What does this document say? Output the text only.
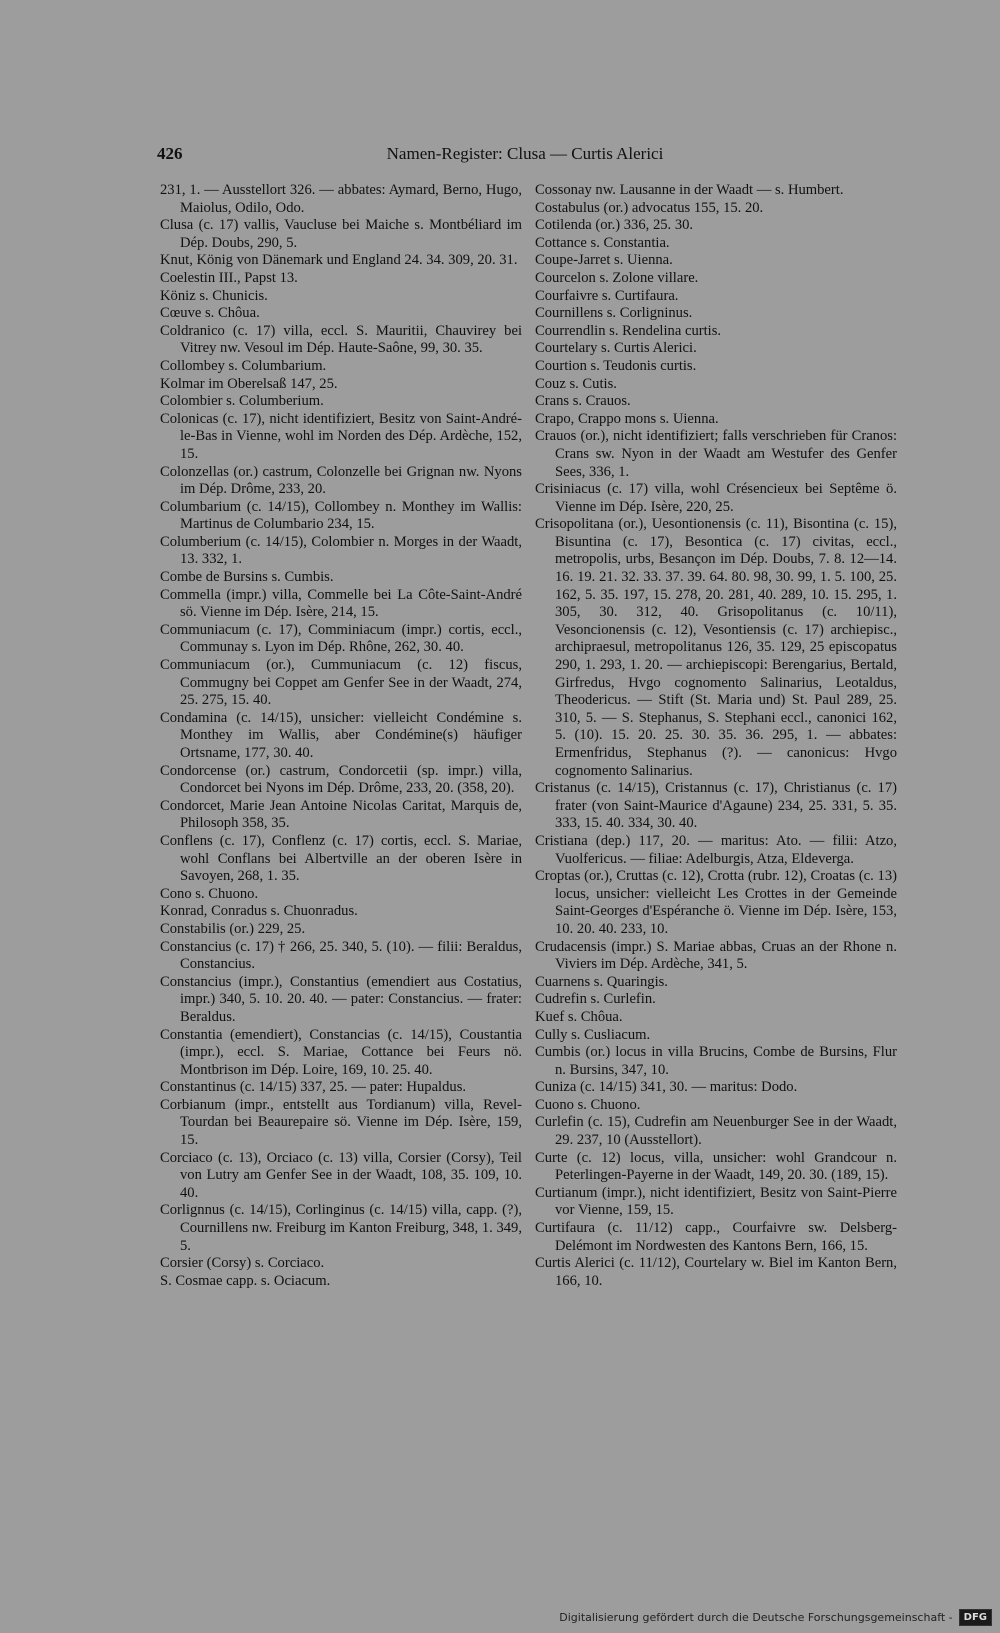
426	Namen-Register: Clusa — Curtis Alerici

231, 1. — Ausstellort 326. — abbates: Aymard, Berno, Hugo, Maiolus, Odilo, Odo.

Clusa (c. 17) vallis, Vaucluse bei Maiche s. Montbéliard im Dép. Doubs, 290, 5.

Knut, König von Dänemark und England 24. 34. 309, 20. 31.

Coelestin III., Papst 13.

Köniz s. Chunicis.

Cœuve s. Chôua.

Coldranico (c. 17) villa, eccl. S. Mauritii, Chauvirey bei Vitrey nw. Vesoul im Dép. Haute-Saône, 99, 30. 35.

Collombey s. Columbarium.

Kolmar im Oberelsaß 147, 25.

Colombier s. Columberium.

Colonicas (c. 17), nicht identifiziert, Besitz von Saint-André-le-Bas in Vienne, wohl im Norden des Dép. Ardèche, 152, 15.

Colonzellas (or.) castrum, Colonzelle bei Grignan nw. Nyons im Dép. Drôme, 233, 20.

Columbarium (c. 14/15), Collombey n. Monthey im Wallis: Martinus de Columbario 234, 15.

Columberium (c. 14/15), Colombier n. Morges in der Waadt, 13. 332, 1.

Combe de Bursins s. Cumbis.

Commella (impr.) villa, Commelle bei La Côte-Saint-André sö. Vienne im Dép. Isère, 214, 15.

Communiacum (c. 17), Comminiacum (impr.) cortis, eccl., Communay s. Lyon im Dép. Rhône, 262, 30. 40.

Communiacum (or.), Cummuniacum (c. 12) fiscus, Commugny bei Coppet am Genfer See in der Waadt, 274, 25. 275, 15. 40.

Condamina (c. 14/15), unsicher: vielleicht Condémine s. Monthey im Wallis, aber Condémine(s) häufiger Ortsname, 177, 30. 40.

Condorcense (or.) castrum, Condorcetii (sp. impr.) villa, Condorcet bei Nyons im Dép. Drôme, 233, 20. (358, 20).

Condorcet, Marie Jean Antoine Nicolas Caritat, Marquis de, Philosoph 358, 35.

Conflens (c. 17), Conflenz (c. 17) cortis, eccl. S. Mariae, wohl Conflans bei Albertville an der oberen Isère in Savoyen, 268, 1. 35.

Cono s. Chuono.

Konrad, Conradus s. Chuonradus.

Constabilis (or.) 229, 25.

Constancius (c. 17) † 266, 25. 340, 5. (10). — filii: Beraldus, Constancius.

Constancius (impr.), Constantius (emendiert aus Costatius, impr.) 340, 5. 10. 20. 40. — pater: Constancius. — frater: Beraldus.

Constantia (emendiert), Constancias (c. 14/15), Coustantia (impr.), eccl. S. Mariae, Cottance bei Feurs nö. Montbrison im Dép. Loire, 169, 10. 25. 40.

Constantinus (c. 14/15) 337, 25. — pater: Hupaldus.

Corbianum (impr., entstellt aus Tordianum) villa, Revel-Tourdan bei Beaurepaire sö. Vienne im Dép. Isère, 159, 15.

Corciaco (c. 13), Orciaco (c. 13) villa, Corsier (Corsy), Teil von Lutry am Genfer See in der Waadt, 108, 35. 109, 10. 40.

Corlignnus (c. 14/15), Corlinginus (c. 14/15) villa, capp. (?), Cournillens nw. Freiburg im Kanton Freiburg, 348, 1. 349, 5.

Corsier (Corsy) s. Corciaco.

S. Cosmae capp. s. Ociacum.

Cossonay nw. Lausanne in der Waadt — s. Humbert.

Costabulus (or.) advocatus 155, 15. 20.

Cotilenda (or.) 336, 25. 30.

Cottance s. Constantia.

Coupe-Jarret s. Uienna.

Courcelon s. Zolone villare.

Courfaivre s. Curtifaura.

Cournillens s. Corligninus.

Courrendlin s. Rendelina curtis.

Courtelary s. Curtis Alerici.

Courtion s. Teudonis curtis.

Couz s. Cutis.

Crans s. Crauos.

Crapo, Crappo mons s. Uienna.

Crauos (or.), nicht identifiziert; falls verschrieben für Cranos: Crans sw. Nyon in der Waadt am Westufer des Genfer Sees, 336, 1.

Crisiniacus (c. 17) villa, wohl Crésencieux bei Septême ö. Vienne im Dép. Isère, 220, 25.

Crisopolitana (or.), Uesontionensis (c. 11), Bisontina (c. 15), Bisuntina (c. 17), Besontica (c. 17) civitas, eccl., metropolis, urbs, Besançon im Dép. Doubs, 7. 8. 12—14. 16. 19. 21. 32. 33. 37. 39. 64. 80. 98, 30. 99, 1. 5. 100, 25. 162, 5. 35. 197, 15. 278, 20. 281, 40. 289, 10. 15. 295, 1. 305, 30. 312, 40. Grisopolitanus (c. 10/11), Vesoncionensis (c. 12), Vesontiensis (c. 17) archiepisc., archipraesul, metropolitanus 126, 35. 129, 25 episcopatus 290, 1. 293, 1. 20. — archiepiscopi: Berengarius, Bertald, Girfredus, Hvgo cognomento Salinarius, Leotaldus, Theodericus. — Stift (St. Maria und) St. Paul 289, 25. 310, 5. — S. Stephanus, S. Stephani eccl., canonici 162, 5. (10). 15. 20. 25. 30. 35. 36. 295, 1. — abbates: Ermenfridus, Stephanus (?). — canonicus: Hvgo cognomento Salinarius.

Cristanus (c. 14/15), Cristannus (c. 17), Christianus (c. 17) frater (von Saint-Maurice d'Agaune) 234, 25. 331, 5. 35. 333, 15. 40. 334, 30. 40.

Cristiana (dep.) 117, 20. — maritus: Ato. — filii: Atzo, Vuolfericus. — filiae: Adelburgis, Atza, Eldeverga.

Croptas (or.), Cruttas (c. 12), Crotta (rubr. 12), Croatas (c. 13) locus, unsicher: vielleicht Les Crottes in der Gemeinde Saint-Georges d'Espéranche ö. Vienne im Dép. Isère, 153, 10. 20. 40. 233, 10.

Crudacensis (impr.) S. Mariae abbas, Cruas an der Rhone n. Viviers im Dép. Ardèche, 341, 5.

Cuarnens s. Quaringis.

Cudrefin s. Curlefin.

Kuef s. Chôua.

Cully s. Cusliacum.

Cumbis (or.) locus in villa Brucins, Combe de Bursins, Flur n. Bursins, 347, 10.

Cuniza (c. 14/15) 341, 30. — maritus: Dodo.

Cuono s. Chuono.

Curlefin (c. 15), Cudrefin am Neuenburger See in der Waadt, 29. 237, 10 (Ausstellort).

Curte (c. 12) locus, villa, unsicher: wohl Grandcour n. Peterlingen-Payerne in der Waadt, 149, 20. 30. (189, 15).

Curtianum (impr.), nicht identifiziert, Besitz von Saint-Pierre vor Vienne, 159, 15.

Curtifaura (c. 11/12) capp., Courfaivre sw. Delsberg-Delémont im Nordwesten des Kantons Bern, 166, 15.

Curtis Alerici (c. 11/12), Courtelary w. Biel im Kanton Bern, 166, 10.

Digitalisierung gefördert durch die Deutsche Forschungsgemeinschaft -	DFG
